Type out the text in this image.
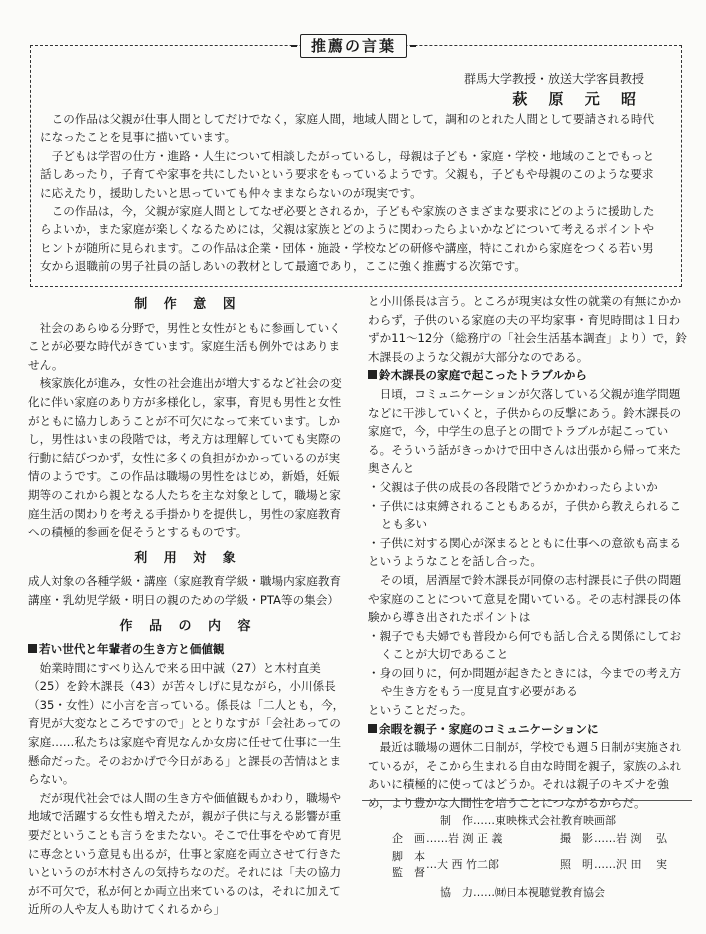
推薦の言葉
群馬大学教授・放送大学客員教授
萩 原 元 昭

この作品は父親が仕事人間としてだけでなく，家庭人間，地域人間として，調和のとれた人間として要請される時代になったことを見事に描いています。

子どもは学習の仕方・進路・人生について相談したがっているし，母親は子ども・家庭・学校・地域のことでもっと話しあったり，子育てや家事を共にしたいという要求をもっているようです。父親も，子どもや母親のこのような要求に応えたり，援助したいと思っていても仲々ままならないのが現実です。

この作品は，今，父親が家庭人間としてなぜ必要とされるか，子どもや家族のさまざまな要求にどのように援助したらよいか，また家庭が楽しくなるためには，父親は家族とどのように関わったらよいかなどについて考えるポイントやヒントが随所に見られます。この作品は企業・団体・施設・学校などの研修や講座，特にこれから家庭をつくる若い男女から退職前の男子社員の話しあいの教材として最適であり，ここに強く推薦する次第です。

制 作 意 図

社会のあらゆる分野で，男性と女性がともに参画していくことが必要な時代がきています。家庭生活も例外ではありません。

核家族化が進み，女性の社会進出が増大するなど社会の変化に伴い家庭のあり方が多様化し，家事，育児も男性と女性がともに協力しあうことが不可欠になって来ています。しかし，男性はいまの段階では，考え方は理解していても実際の行動に結びつかず，女性に多くの負担がかかっているのが実情のようです。この作品は職場の男性をはじめ，新婚，妊娠期等のこれから親となる人たちを主な対象として，職場と家庭生活の関わりを考える手掛かりを提供し，男性の家庭教育への積極的参画を促そうとするものです。

利 用 対 象

成人対象の各種学級・講座（家庭教育学級・職場内家庭教育講座・乳幼児学級・明日の親のための学級・PTA等の集会）

作 品 の 内 容

若い世代と年輩者の生き方と価値観

始業時間にすべり込んで来る田中誠（27）と木村直美（25）を鈴木課長（43）が苦々しげに見ながら，小川係長（35・女性）に小言を言っている。係長は「二人とも，今，育児が大変なところですので」ととりなすが「会社あっての家庭……私たちは家庭や育児なんか女房に任せて仕事に一生懸命だった。そのおかげで今日がある」と課長の苦情はとまらない。

だが現代社会では人間の生き方や価値観もかわり，職場や地域で活躍する女性も増えたが，親が子供に与える影響が重要だということも言うをまたない。そこで仕事をやめて育児に専念という意見も出るが，仕事と家庭を両立させて行きたいというのが木村さんの気持ちなのだ。それには「夫の協力が不可欠で，私が何とか両立出来ているのは，それに加えて近所の人や友人も助けてくれるから」

と小川係長は言う。ところが現実は女性の就業の有無にかかわらず，子供のいる家庭の夫の平均家事・育児時間は１日わずか11～12分（総務庁の「社会生活基本調査」より）で，鈴木課長のような父親が大部分なのである。

鈴木課長の家庭で起こったトラブルから

日頃，コミュニケーションが欠落している父親が進学問題などに干渉していくと，子供からの反撃にあう。鈴木課長の家庭で，今，中学生の息子との間でトラブルが起こっている。そういう話がきっかけで田中さんは出張から帰って来た奥さんと

・父親は子供の成長の各段階でどうかかわったらよいか

・子供には束縛されることもあるが，子供から教えられることも多い

・子供に対する関心が深まるとともに仕事への意欲も高まる

というようなことを話し合った。

その頃，居酒屋で鈴木課長が同僚の志村課長に子供の問題や家庭のことについて意見を聞いている。その志村課長の体験から導き出されたポイントは

・親子でも夫婦でも普段から何でも話し合える関係にしておくことが大切であること

・身の回りに，何か問題が起きたときには，今までの考え方や生き方をもう一度見直す必要がある

ということだった。

余暇を親子・家庭のコミュニケーションに

最近は職場の週休二日制が，学校でも週５日制が実施されているが，そこから生まれる自由な時間を親子，家族のふれあいに積極的に使ってはどうか。それは親子のキズナを強め，より豊かな人間性を培うことにつながるからだ。

制　作……東映株式会社教育映画部
企　画 ……岩 渕 正 義
脚　本
監　督
…大 西 竹二郎
撮　影 ……岩 渕 　弘
照　明 ……沢 田 　実
協　力……㈶日本視聴覚教育協会
